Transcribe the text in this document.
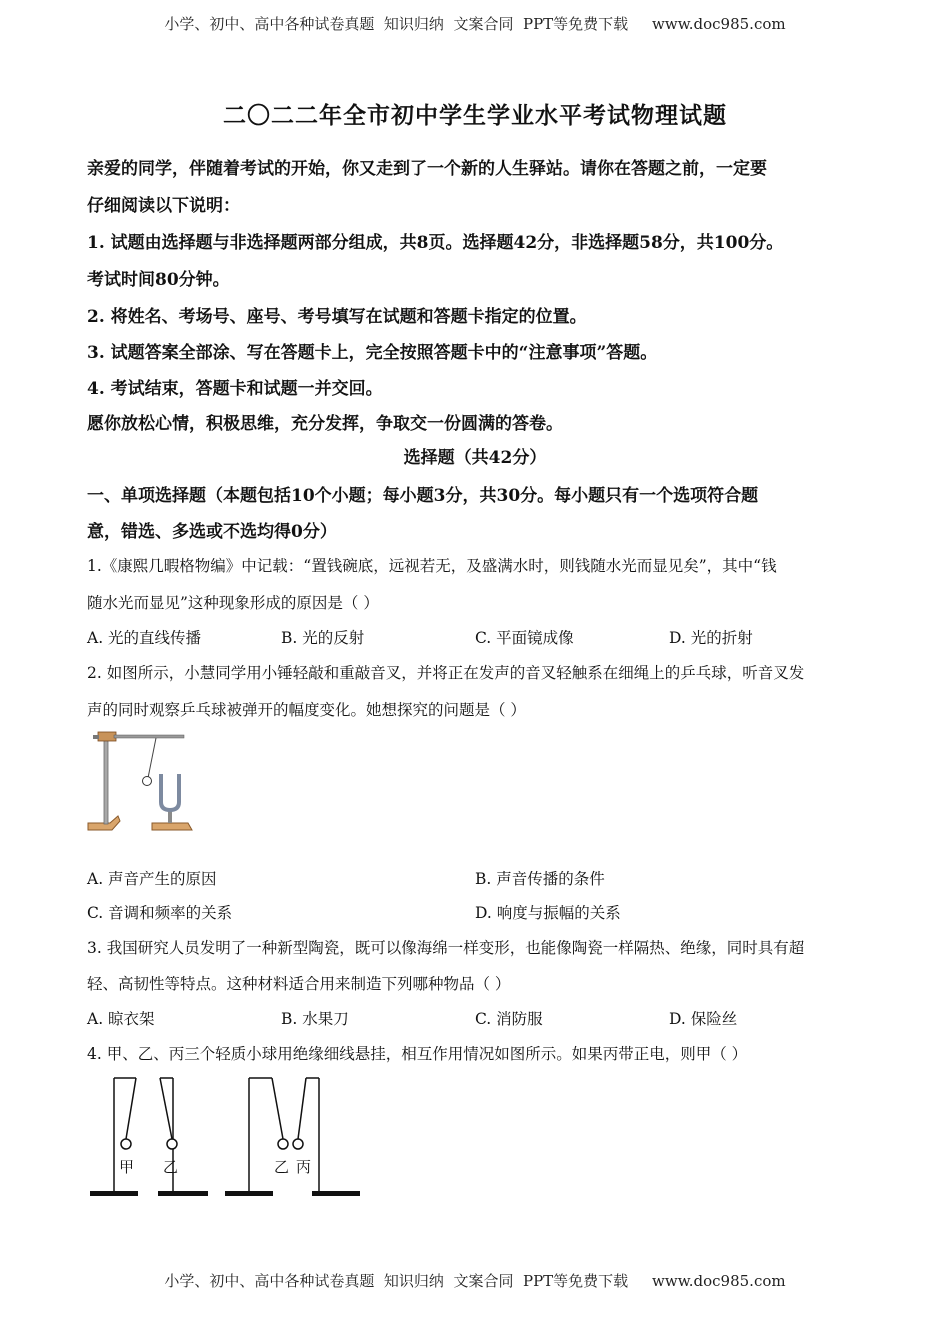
小学、初中、高中各种试卷真题  知识归纳  文案合同  PPT等免费下载     www.doc985.com
二〇二二年全市初中学生学业水平考试物理试题
亲爱的同学，伴随着考试的开始，你又走到了一个新的人生驿站。请你在答题之前，一定要
仔细阅读以下说明：
1. 试题由选择题与非选择题两部分组成，共8页。选择题42分，非选择题58分，共100分。
考试时间80分钟。
2. 将姓名、考场号、座号、考号填写在试题和答题卡指定的位置。
3. 试题答案全部涂、写在答题卡上，完全按照答题卡中的“注意事项”答题。
4. 考试结束，答题卡和试题一并交回。
愿你放松心情，积极思维，充分发挥，争取交一份圆满的答卷。
选择题（共42分）
一、单项选择题（本题包括10个小题；每小题3分，共30分。每小题只有一个选项符合题
意，错选、多选或不选均得0分）
1.《康熙几暇格物编》中记载：“置钱碗底，远视若无，及盛满水时，则钱随水光而显见矣”，其中“钱
随水光而显见”这种现象形成的原因是（ ）
A. 光的直线传播	B. 光的反射	C. 平面镜成像	D. 光的折射
2. 如图所示，小慧同学用小锤轻敲和重敲音叉，并将正在发声的音叉轻触系在细绳上的乒乓球，听音叉发
声的同时观察乒乓球被弹开的幅度变化。她想探究的问题是（ ）
A. 声音产生的原因	B. 声音传播的条件
C. 音调和频率的关系	D. 响度与振幅的关系
3. 我国研究人员发明了一种新型陶瓷，既可以像海绵一样变形，也能像陶瓷一样隔热、绝缘，同时具有超
轻、高韧性等特点。这种材料适合用来制造下列哪种物品（ ）
A. 晾衣架	B. 水果刀	C. 消防服	D. 保险丝
4. 甲、乙、丙三个轻质小球用绝缘细线悬挂，相互作用情况如图所示。如果丙带正电，则甲（ ）
甲 乙	乙 丙
小学、初中、高中各种试卷真题  知识归纳  文案合同  PPT等免费下载     www.doc985.com
